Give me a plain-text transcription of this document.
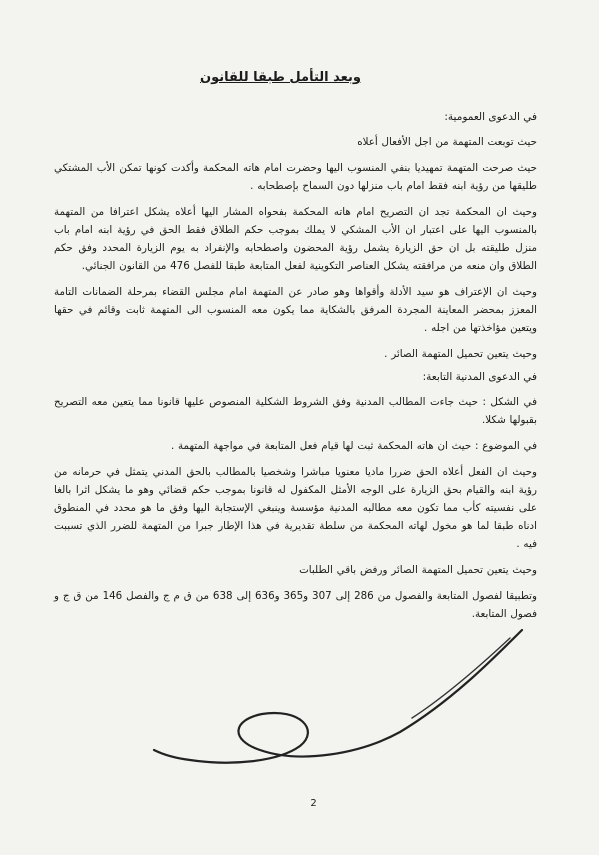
وبعد التأمل طبقا للقانون
في الدعوى العمومية:

حيث توبعت المتهمة من اجل الأفعال أعلاه

حيث صرحت المتهمة تمهيديا بنفي المنسوب اليها وحضرت امام هاته المحكمة وأكدت كونها تمكن الأب المشتكي طليقها من رؤية ابنه فقط امام باب منزلها دون السماح بإصطحابه .

وحيث ان المحكمة تجد ان التصريح امام هاته المحكمة بفحواه المشار اليها أعلاه يشكل اعترافا من المتهمة بالمنسوب اليها على اعتبار ان الأب المشكي لا يملك بموجب حكم الطلاق فقط الحق في رؤية ابنه امام باب منزل طليقته بل ان حق الزيارة يشمل رؤية المحضون واصطحابه والإنفراد به يوم الزيارة المحدد وفق حكم الطلاق وان منعه من مرافقته يشكل العناصر التكوينية لفعل المتابعة طبقا للفصل 476 من القانون الجنائي.

وحيث ان الإعتراف هو سيد الأدلة وأقواها وهو صادر عن المتهمة امام مجلس القضاء بمرحلة الضمانات التامة المعزز بمحضر المعاينة المجردة المرفق بالشكاية مما يكون معه المنسوب الى المتهمة ثابت وقائم في حقها ويتعين مؤاخذتها من اجله .

وحيث يتعين تحميل المتهمة الصائر .

في الدعوى المدنية التابعة:

في الشكل : حيث جاءت المطالب المدنية وفق الشروط الشكلية المنصوص عليها قانونا مما يتعين معه التصريح بقبولها شكلا.

في الموضوع : حيث ان هاته المحكمة ثبت لها قيام فعل المتابعة في مواجهة المتهمة .

وحيث ان الفعل أعلاه الحق ضررا ماديا معنويا مباشرا وشخصيا بالمطالب بالحق المدني يتمثل في حرمانه من رؤية ابنه والقيام بحق الزيارة على الوجه الأمثل المكفول له قانونا بموجب حكم قضائي وهو ما يشكل اثرا بالغا على نفسيته كأب مما تكون معه مطالبه المدنية مؤسسة وينبغي الإستجابة اليها وفق ما هو محدد في المنطوق ادناه طبقا لما هو مخول لهاته المحكمة من سلطة تقديرية في هذا الإطار جبرا من المتهمة للضرر الذي تسببت فيه .

وحيث يتعين تحميل المتهمة الصائر ورفض باقي الطلبات

وتطبيقا لفصول المتابعة والفصول من 286 إلى 307 و365 و636 إلى 638 من ق م ج والفصل 146 من ق ج و فصول المتابعة.

2
